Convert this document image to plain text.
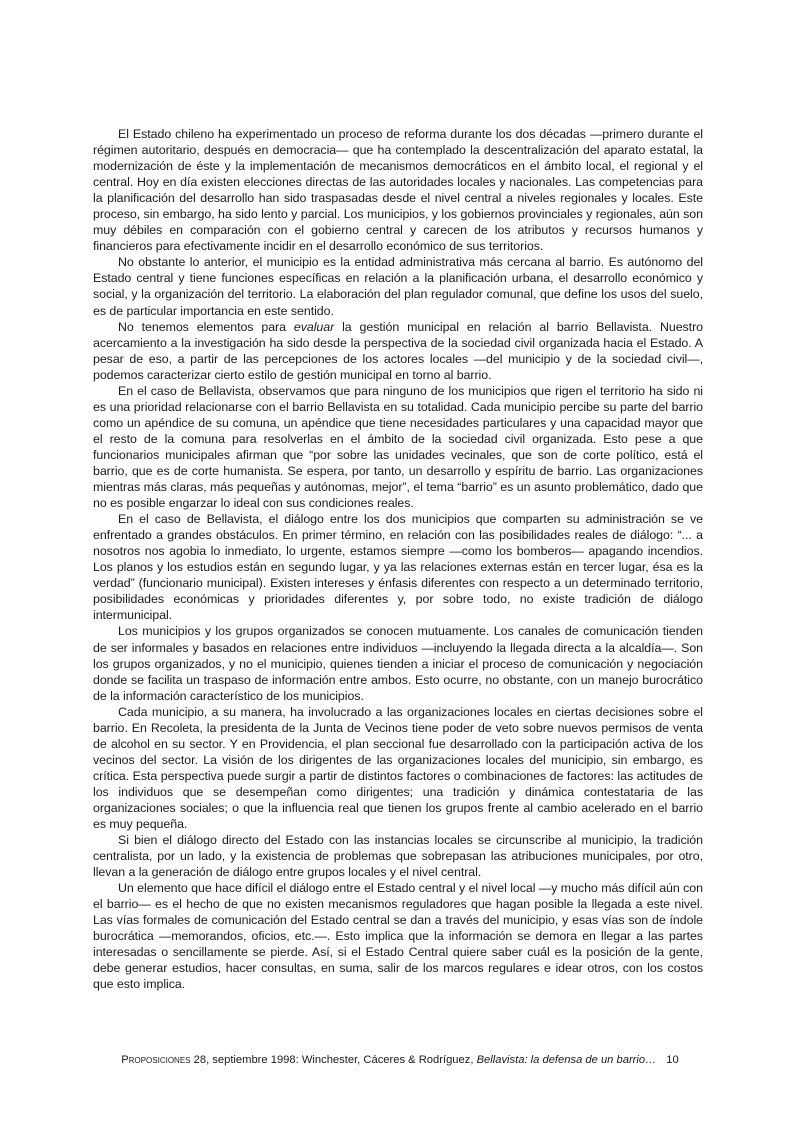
El Estado chileno ha experimentado un proceso de reforma durante los dos décadas —primero durante el régimen autoritario, después en democracia— que ha contemplado la descentralización del aparato estatal, la modernización de éste y la implementación de mecanismos democráticos en el ámbito local, el regional y el central. Hoy en día existen elecciones directas de las autoridades locales y nacionales. Las competencias para la planificación del desarrollo han sido traspasadas desde el nivel central a niveles regionales y locales. Este proceso, sin embargo, ha sido lento y parcial. Los municipios, y los gobiernos provinciales y regionales, aún son muy débiles en comparación con el gobierno central y carecen de los atributos y recursos humanos y financieros para efectivamente incidir en el desarrollo económico de sus territorios.

No obstante lo anterior, el municipio es la entidad administrativa más cercana al barrio. Es autónomo del Estado central y tiene funciones específicas en relación a la planificación urbana, el desarrollo económico y social, y la organización del territorio. La elaboración del plan regulador comunal, que define los usos del suelo, es de particular importancia en este sentido.

No tenemos elementos para evaluar la gestión municipal en relación al barrio Bellavista. Nuestro acercamiento a la investigación ha sido desde la perspectiva de la sociedad civil organizada hacia el Estado. A pesar de eso, a partir de las percepciones de los actores locales —del municipio y de la sociedad civil—, podemos caracterizar cierto estilo de gestión municipal en torno al barrio.

En el caso de Bellavista, observamos que para ninguno de los municipios que rigen el territorio ha sido ni es una prioridad relacionarse con el barrio Bellavista en su totalidad. Cada municipio percibe su parte del barrio como un apéndice de su comuna, un apéndice que tiene necesidades particulares y una capacidad mayor que el resto de la comuna para resolverlas en el ámbito de la sociedad civil organizada. Esto pese a que funcionarios municipales afirman que “por sobre las unidades vecinales, que son de corte político, está el barrio, que es de corte humanista. Se espera, por tanto, un desarrollo y espíritu de barrio. Las organizaciones mientras más claras, más pequeñas y autónomas, mejor”, el tema “barrio” es un asunto problemático, dado que no es posible engarzar lo ideal con sus condiciones reales.

En el caso de Bellavista, el diálogo entre los dos municipios que comparten su administración se ve enfrentado a grandes obstáculos. En primer término, en relación con las posibilidades reales de diálogo: “... a nosotros nos agobia lo inmediato, lo urgente, estamos siempre —como los bomberos— apagando incendios. Los planos y los estudios están en segundo lugar, y ya las relaciones externas están en tercer lugar, ésa es la verdad” (funcionario municipal). Existen intereses y énfasis diferentes con respecto a un determinado territorio, posibilidades económicas y prioridades diferentes y, por sobre todo, no existe tradición de diálogo intermunicipal.

Los municipios y los grupos organizados se conocen mutuamente. Los canales de comunicación tienden de ser informales y basados en relaciones entre individuos —incluyendo la llegada directa a la alcaldía—. Son los grupos organizados, y no el municipio, quienes tienden a iniciar el proceso de comunicación y negociación donde se facilita un traspaso de información entre ambos. Esto ocurre, no obstante, con un manejo burocrático de la información característico de los municipios.

Cada municipio, a su manera, ha involucrado a las organizaciones locales en ciertas decisiones sobre el barrio. En Recoleta, la presidenta de la Junta de Vecinos tiene poder de veto sobre nuevos permisos de venta de alcohol en su sector. Y en Providencia, el plan seccional fue desarrollado con la participación activa de los vecinos del sector. La visión de los dirigentes de las organizaciones locales del municipio, sin embargo, es crítica. Esta perspectiva puede surgir a partir de distintos factores o combinaciones de factores: las actitudes de los individuos que se desempeñan como dirigentes; una tradición y dinámica contestataria de las organizaciones sociales; o que la influencia real que tienen los grupos frente al cambio acelerado en el barrio es muy pequeña.

Si bien el diálogo directo del Estado con las instancias locales se circunscribe al municipio, la tradición centralista, por un lado, y la existencia de problemas que sobrepasan las atribuciones municipales, por otro, llevan a la generación de diálogo entre grupos locales y el nivel central.

Un elemento que hace difícil el diálogo entre el Estado central y el nivel local —y mucho más difícil aún con el barrio— es el hecho de que no existen mecanismos reguladores que hagan posible la llegada a este nivel. Las vías formales de comunicación del Estado central se dan a través del municipio, y esas vías son de índole burocrática —memorandos, oficios, etc.—. Esto implica que la información se demora en llegar a las partes interesadas o sencillamente se pierde. Así, si el Estado Central quiere saber cuál es la posición de la gente, debe generar estudios, hacer consultas, en suma, salir de los marcos regulares e idear otros, con los costos que esto implica.

Proposiciones 28, septiembre 1998: Winchester, Cáceres & Rodríguez, Bellavista: la defensa de un barrio… 10
